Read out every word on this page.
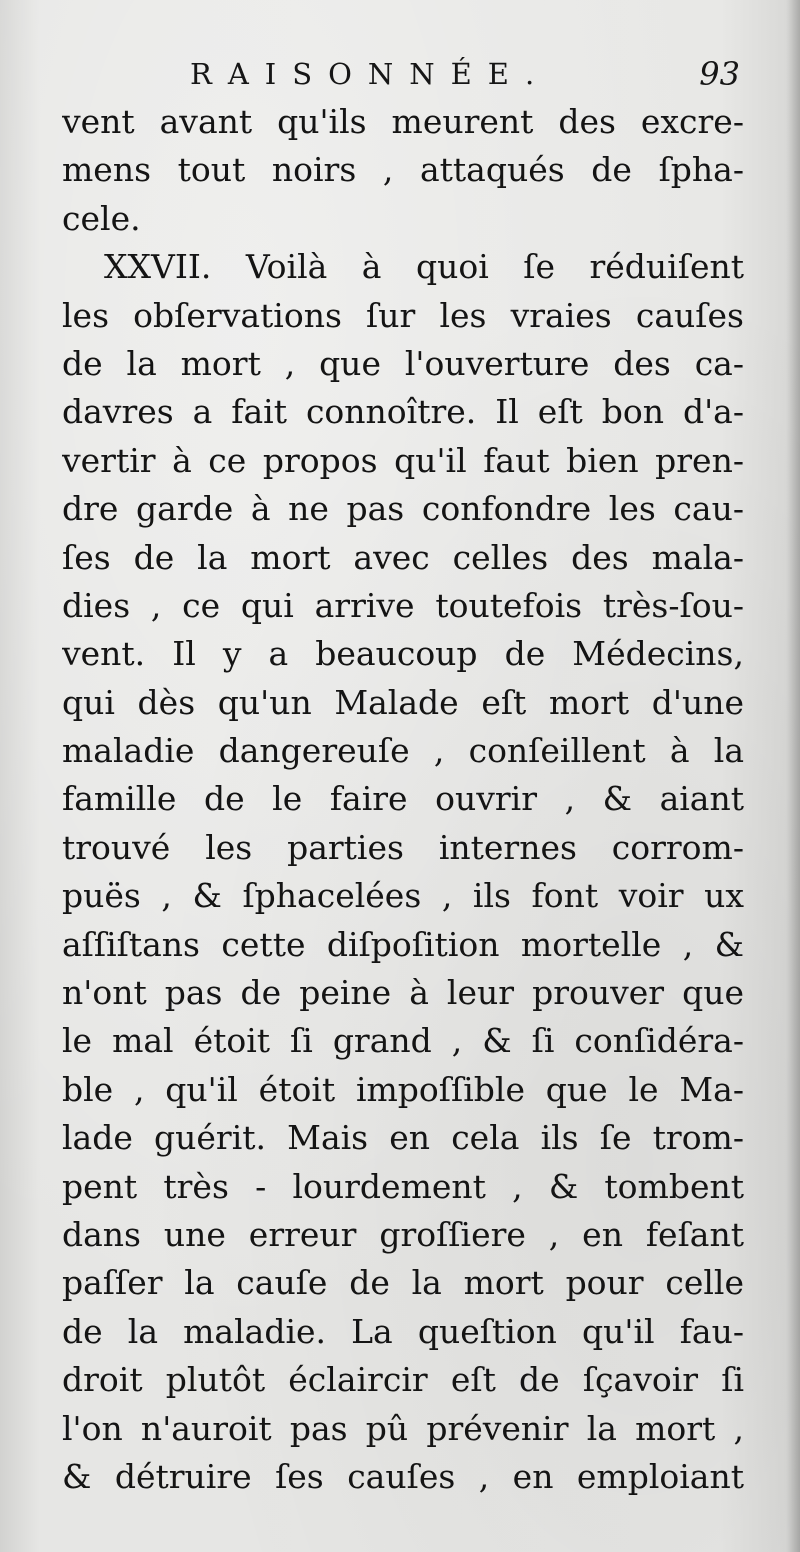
RAISONNÉE.	93
vent avant qu'ils meurent des excre-
mens tout noirs , attaqués de ſpha-
cele.
XXVII. Voilà à quoi ſe réduiſent
les obſervations ſur les vraies cauſes
de la mort , que l'ouverture des ca-
davres a fait connoître. Il eſt bon d'a-
vertir à ce propos qu'il faut bien pren-
dre garde à ne pas confondre les cau-
ſes de la mort avec celles des mala-
dies , ce qui arrive toutefois très-ſou-
vent. Il y a beaucoup de Médecins,
qui dès qu'un Malade eſt mort d'une
maladie dangereuſe , conſeillent à la
famille de le faire ouvrir , & aiant
trouvé les parties internes corrom-
puës , & ſphacelées , ils font voir ux
aſſiſtans cette diſpoſition mortelle , &
n'ont pas de peine à leur prouver que
le mal étoit ſi grand , & ſi conſidéra-
ble , qu'il étoit impoſſible que le Ma-
lade guérit. Mais en cela ils ſe trom-
pent très - lourdement , & tombent
dans une erreur groſſiere , en feſant
paſſer la cauſe de la mort pour celle
de la maladie. La queſtion qu'il fau-
droit plutôt éclaircir eſt de ſçavoir ſi
l'on n'auroit pas pû prévenir la mort ,
& détruire ſes cauſes , en emploiant
